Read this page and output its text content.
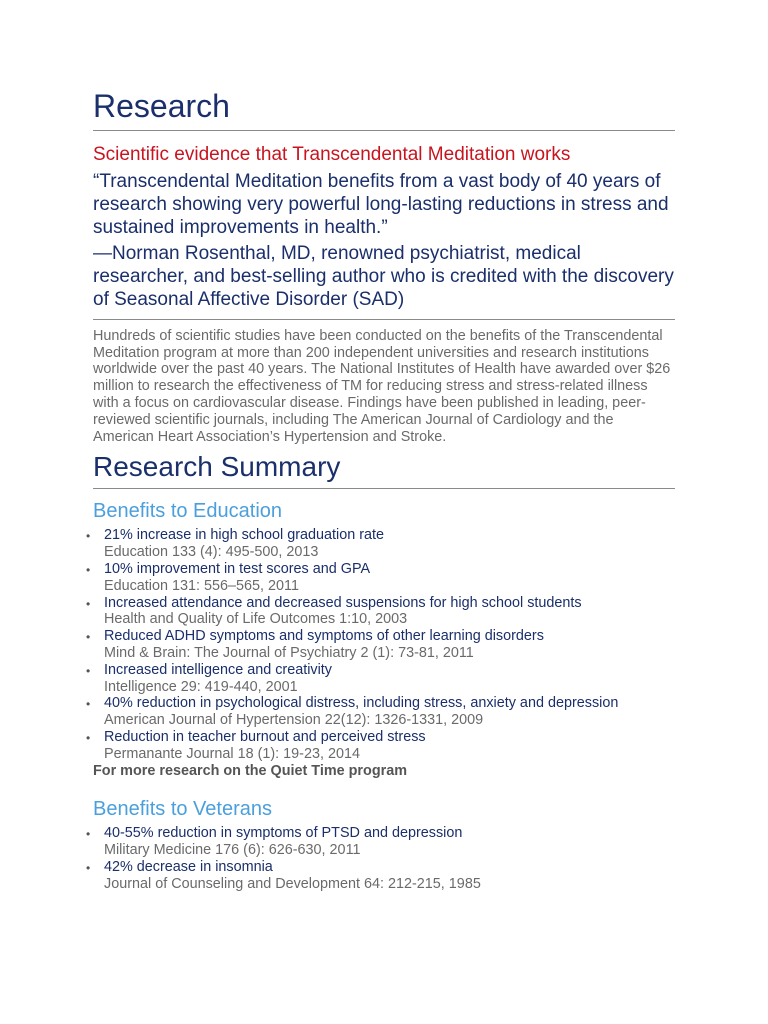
Research
Scientific evidence that Transcendental Meditation works

“Transcendental Meditation benefits from a vast body of 40 years of research showing very powerful long-lasting reductions in stress and sustained improvements in health.”

—Norman Rosenthal, MD, renowned psychiatrist, medical researcher, and best-selling author who is credited with the discovery of Seasonal Affective Disorder (SAD)

Hundreds of scientific studies have been conducted on the benefits of the Transcendental Meditation program at more than 200 independent universities and research institutions worldwide over the past 40 years. The National Institutes of Health have awarded over $26 million to research the effectiveness of TM for reducing stress and stress-related illness with a focus on cardiovascular disease. Findings have been published in leading, peer-reviewed scientific journals, including The American Journal of Cardiology and the American Heart Association’s Hypertension and Stroke.

Research Summary
Benefits to Education
• 21% increase in high school graduation rate
Education 133 (4): 495-500, 2013
• 10% improvement in test scores and GPA
Education 131: 556–565, 2011
• Increased attendance and decreased suspensions for high school students
Health and Quality of Life Outcomes 1:10, 2003
• Reduced ADHD symptoms and symptoms of other learning disorders
Mind & Brain: The Journal of Psychiatry 2 (1): 73-81, 2011
• Increased intelligence and creativity
Intelligence 29: 419-440, 2001
• 40% reduction in psychological distress, including stress, anxiety and depression
American Journal of Hypertension 22(12): 1326-1331, 2009
• Reduction in teacher burnout and perceived stress
Permanante Journal 18 (1): 19-23, 2014

For more research on the Quiet Time program

Benefits to Veterans
• 40-55% reduction in symptoms of PTSD and depression
Military Medicine 176 (6): 626-630, 2011
• 42% decrease in insomnia
Journal of Counseling and Development 64: 212-215, 1985
